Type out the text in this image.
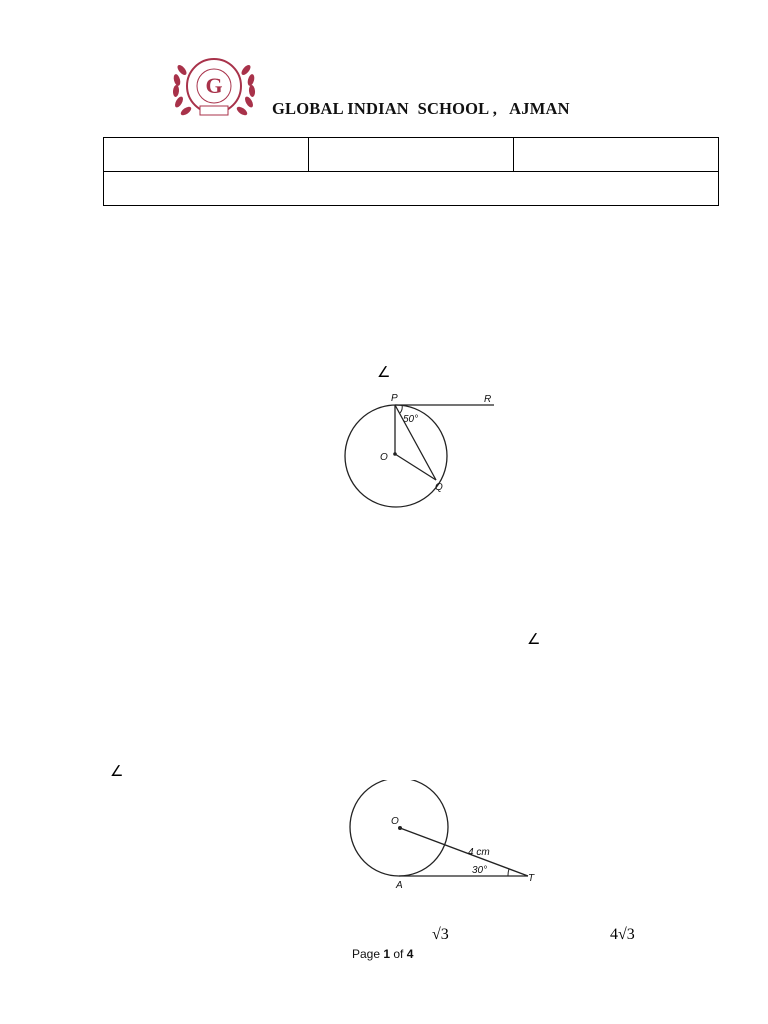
G
GLOBAL INDIAN  SCHOOL ,   AJMAN

∠
∠
∠
P	R
O
Q
50°
O
A
T
4 cm
30°
√3	4√3
Page 1 of 4
